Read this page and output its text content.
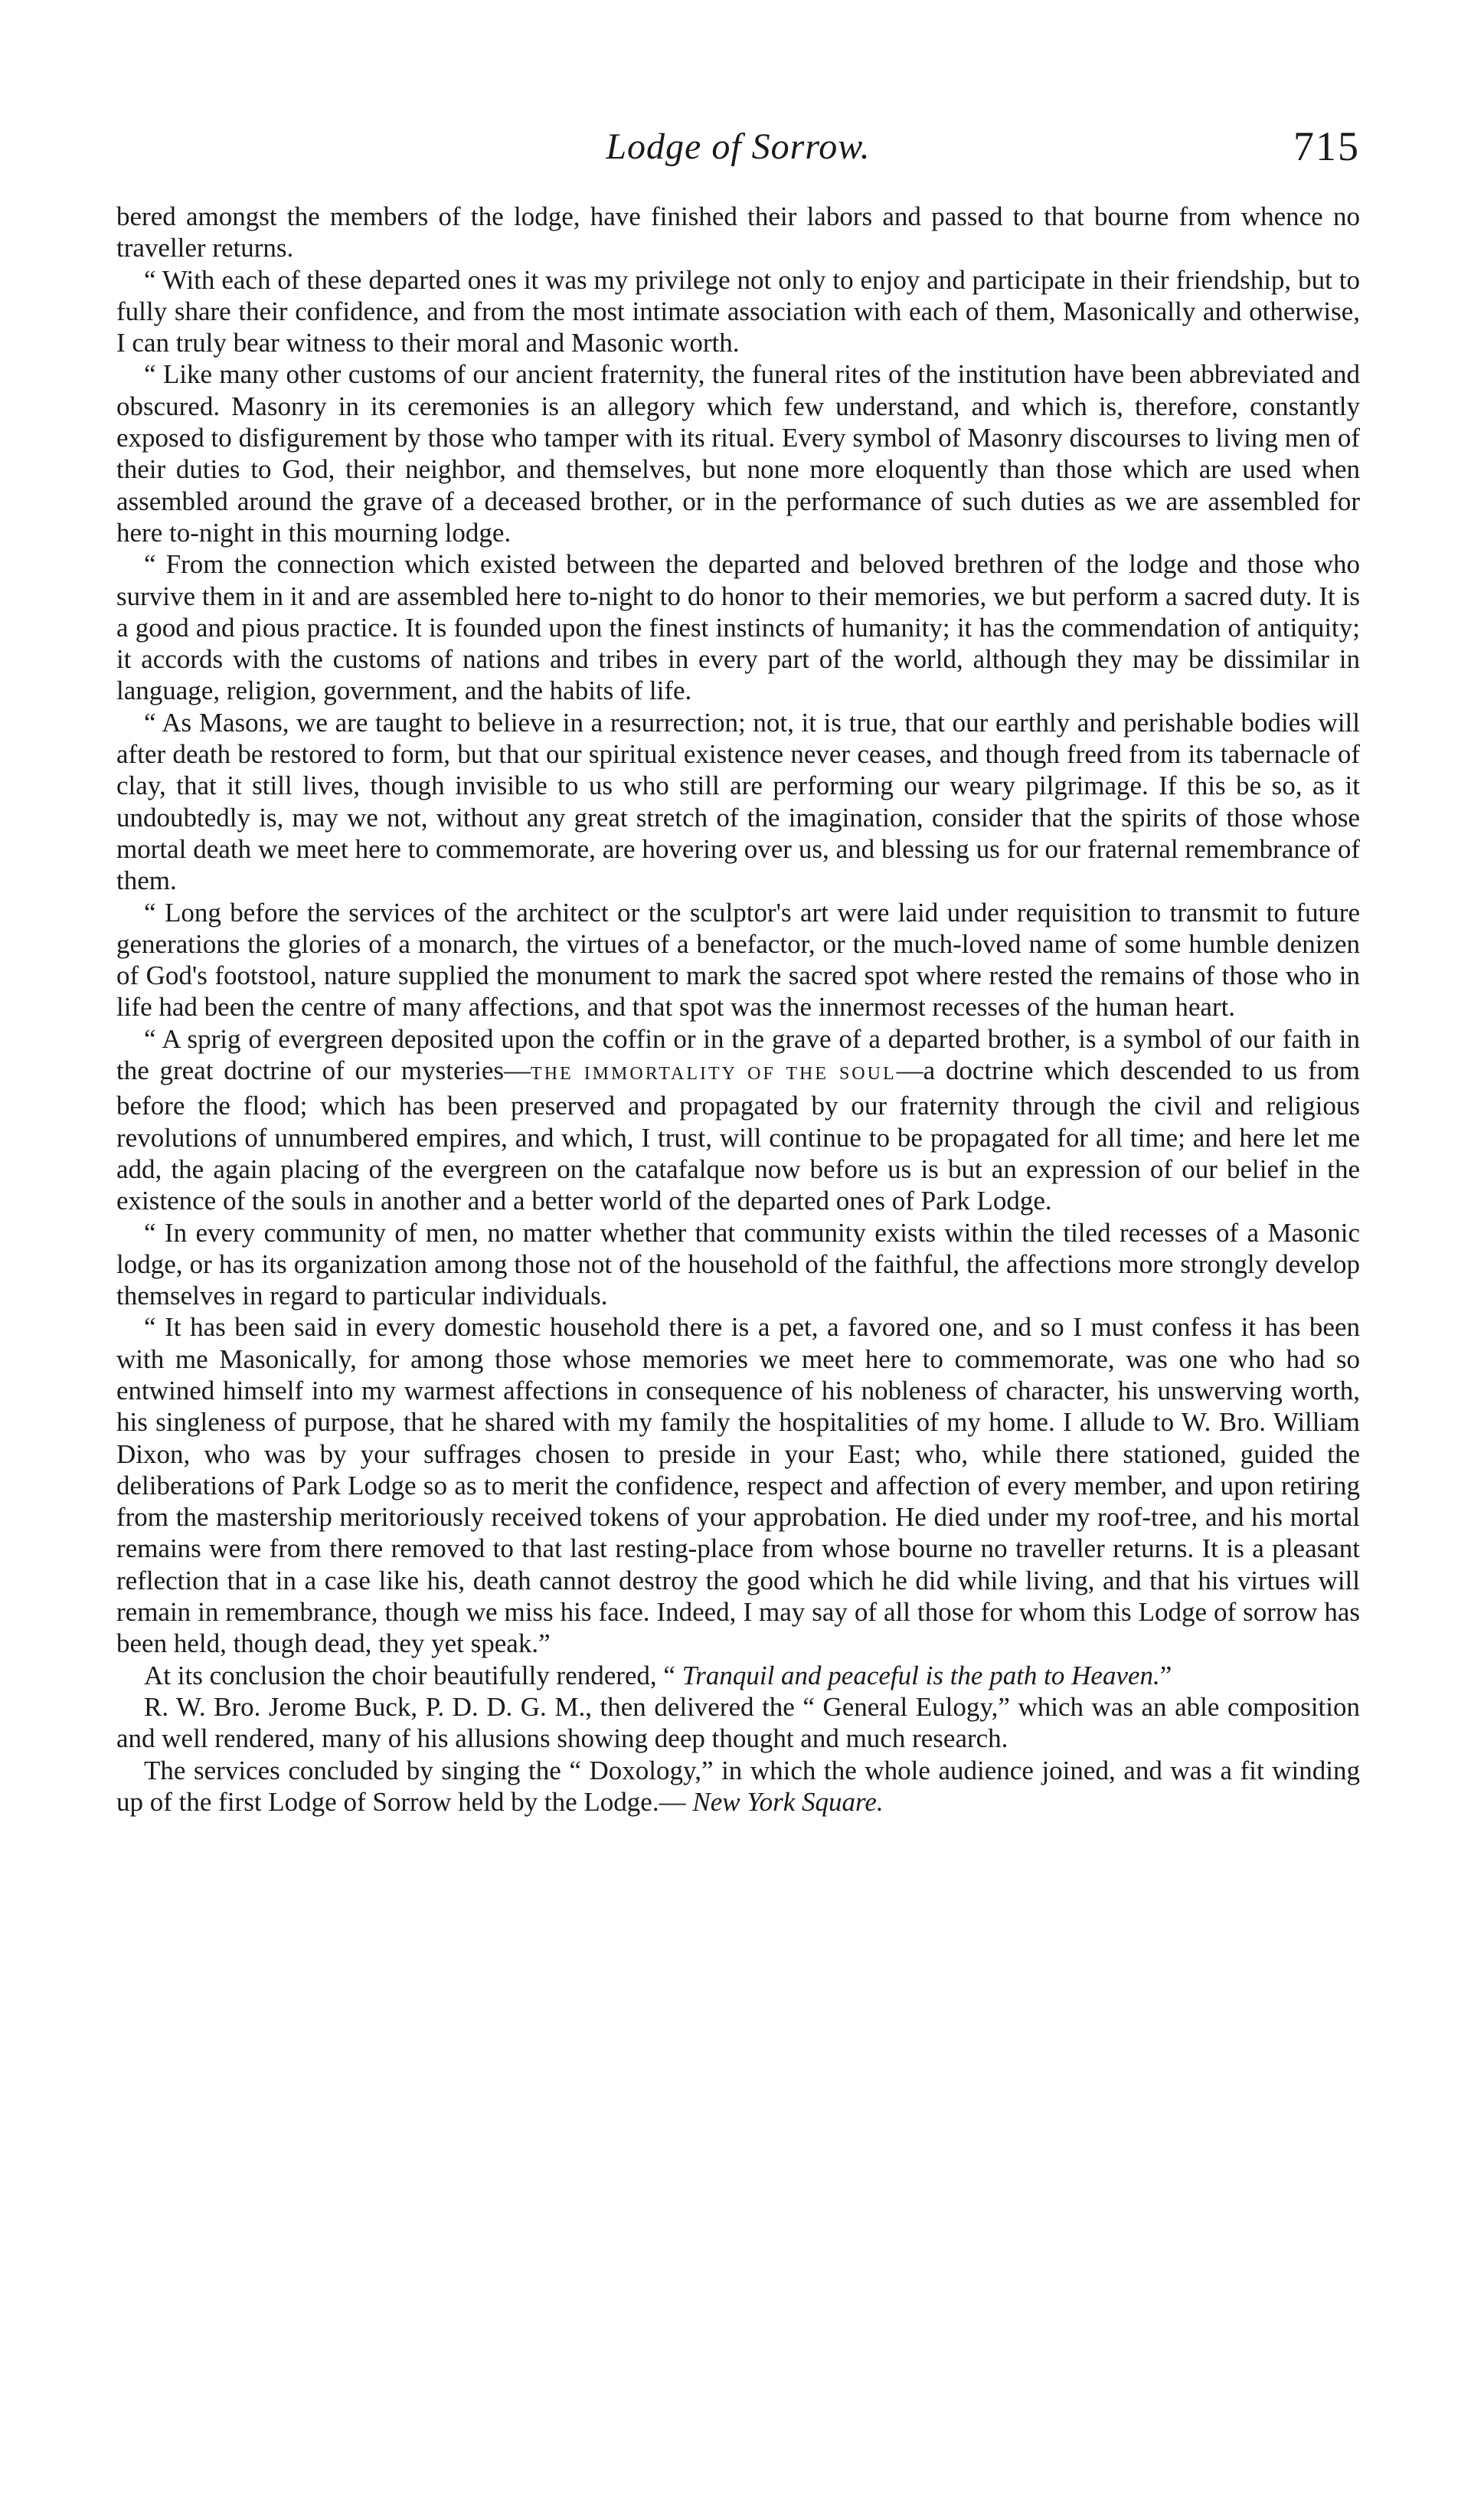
Lodge of Sorrow.	715

bered amongst the members of the lodge, have finished their labors and passed to that bourne from whence no traveller returns.

“ With each of these departed ones it was my privilege not only to enjoy and participate in their friendship, but to fully share their confidence, and from the most intimate association with each of them, Masonically and otherwise, I can truly bear witness to their moral and Masonic worth.

“ Like many other customs of our ancient fraternity, the funeral rites of the institution have been abbreviated and obscured. Masonry in its ceremonies is an allegory which few understand, and which is, therefore, constantly exposed to disfigurement by those who tamper with its ritual. Every symbol of Masonry discourses to living men of their duties to God, their neighbor, and themselves, but none more eloquently than those which are used when assembled around the grave of a deceased brother, or in the performance of such duties as we are assembled for here to-night in this mourning lodge.

“ From the connection which existed between the departed and beloved brethren of the lodge and those who survive them in it and are assembled here to-night to do honor to their memories, we but perform a sacred duty. It is a good and pious practice. It is founded upon the finest instincts of humanity; it has the commendation of antiquity; it accords with the customs of nations and tribes in every part of the world, although they may be dissimilar in language, religion, government, and the habits of life.

“ As Masons, we are taught to believe in a resurrection; not, it is true, that our earthly and perishable bodies will after death be restored to form, but that our spiritual existence never ceases, and though freed from its tabernacle of clay, that it still lives, though invisible to us who still are performing our weary pilgrimage. If this be so, as it undoubtedly is, may we not, without any great stretch of the imagination, consider that the spirits of those whose mortal death we meet here to commemorate, are hovering over us, and blessing us for our fraternal remembrance of them.

“ Long before the services of the architect or the sculptor's art were laid under requisition to transmit to future generations the glories of a monarch, the virtues of a benefactor, or the much-loved name of some humble denizen of God's footstool, nature supplied the monument to mark the sacred spot where rested the remains of those who in life had been the centre of many affections, and that spot was the innermost recesses of the human heart.

“ A sprig of evergreen deposited upon the coffin or in the grave of a departed brother, is a symbol of our faith in the great doctrine of our mysteries—THE IMMORTALITY OF THE SOUL—a doctrine which descended to us from before the flood; which has been preserved and propagated by our fraternity through the civil and religious revolutions of unnumbered empires, and which, I trust, will continue to be propagated for all time; and here let me add, the again placing of the evergreen on the catafalque now before us is but an expression of our belief in the existence of the souls in another and a better world of the departed ones of Park Lodge.

“ In every community of men, no matter whether that community exists within the tiled recesses of a Masonic lodge, or has its organization among those not of the household of the faithful, the affections more strongly develop themselves in regard to particular individuals.

“ It has been said in every domestic household there is a pet, a favored one, and so I must confess it has been with me Masonically, for among those whose memories we meet here to commemorate, was one who had so entwined himself into my warmest affections in consequence of his nobleness of character, his unswerving worth, his singleness of purpose, that he shared with my family the hospitalities of my home. I allude to W. Bro. William Dixon, who was by your suffrages chosen to preside in your East; who, while there stationed, guided the deliberations of Park Lodge so as to merit the confidence, respect and affection of every member, and upon retiring from the mastership meritoriously received tokens of your approbation. He died under my roof-tree, and his mortal remains were from there removed to that last resting-place from whose bourne no traveller returns. It is a pleasant reflection that in a case like his, death cannot destroy the good which he did while living, and that his virtues will remain in remembrance, though we miss his face. Indeed, I may say of all those for whom this Lodge of sorrow has been held, though dead, they yet speak.”

At its conclusion the choir beautifully rendered, “ Tranquil and peaceful is the path to Heaven.”

R. W. Bro. Jerome Buck, P. D. D. G. M., then delivered the “ General Eulogy,” which was an able composition and well rendered, many of his allusions showing deep thought and much research.

The services concluded by singing the “ Doxology,” in which the whole audience joined, and was a fit winding up of the first Lodge of Sorrow held by the Lodge.— New York Square.
